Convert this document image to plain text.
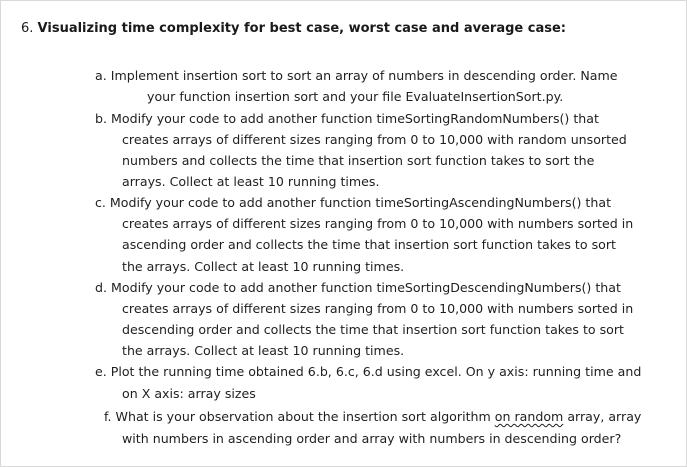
6. Visualizing time complexity for best case, worst case and average case:
a. Implement insertion sort to sort an array of numbers in descending order. Name
your function insertion sort and your file EvaluateInsertionSort.py.
b. Modify your code to add another function timeSortingRandomNumbers() that
creates arrays of different sizes ranging from 0 to 10,000 with random unsorted
numbers and collects the time that insertion sort function takes to sort the
arrays. Collect at least 10 running times.
c. Modify your code to add another function timeSortingAscendingNumbers() that
creates arrays of different sizes ranging from 0 to 10,000 with numbers sorted in
ascending order and collects the time that insertion sort function takes to sort
the arrays. Collect at least 10 running times.
d. Modify your code to add another function timeSortingDescendingNumbers() that
creates arrays of different sizes ranging from 0 to 10,000 with numbers sorted in
descending order and collects the time that insertion sort function takes to sort
the arrays. Collect at least 10 running times.
e. Plot the running time obtained 6.b, 6.c, 6.d using excel. On y axis: running time and
on X axis: array sizes
f. What is your observation about the insertion sort algorithm on random array, array
with numbers in ascending order and array with numbers in descending order?
